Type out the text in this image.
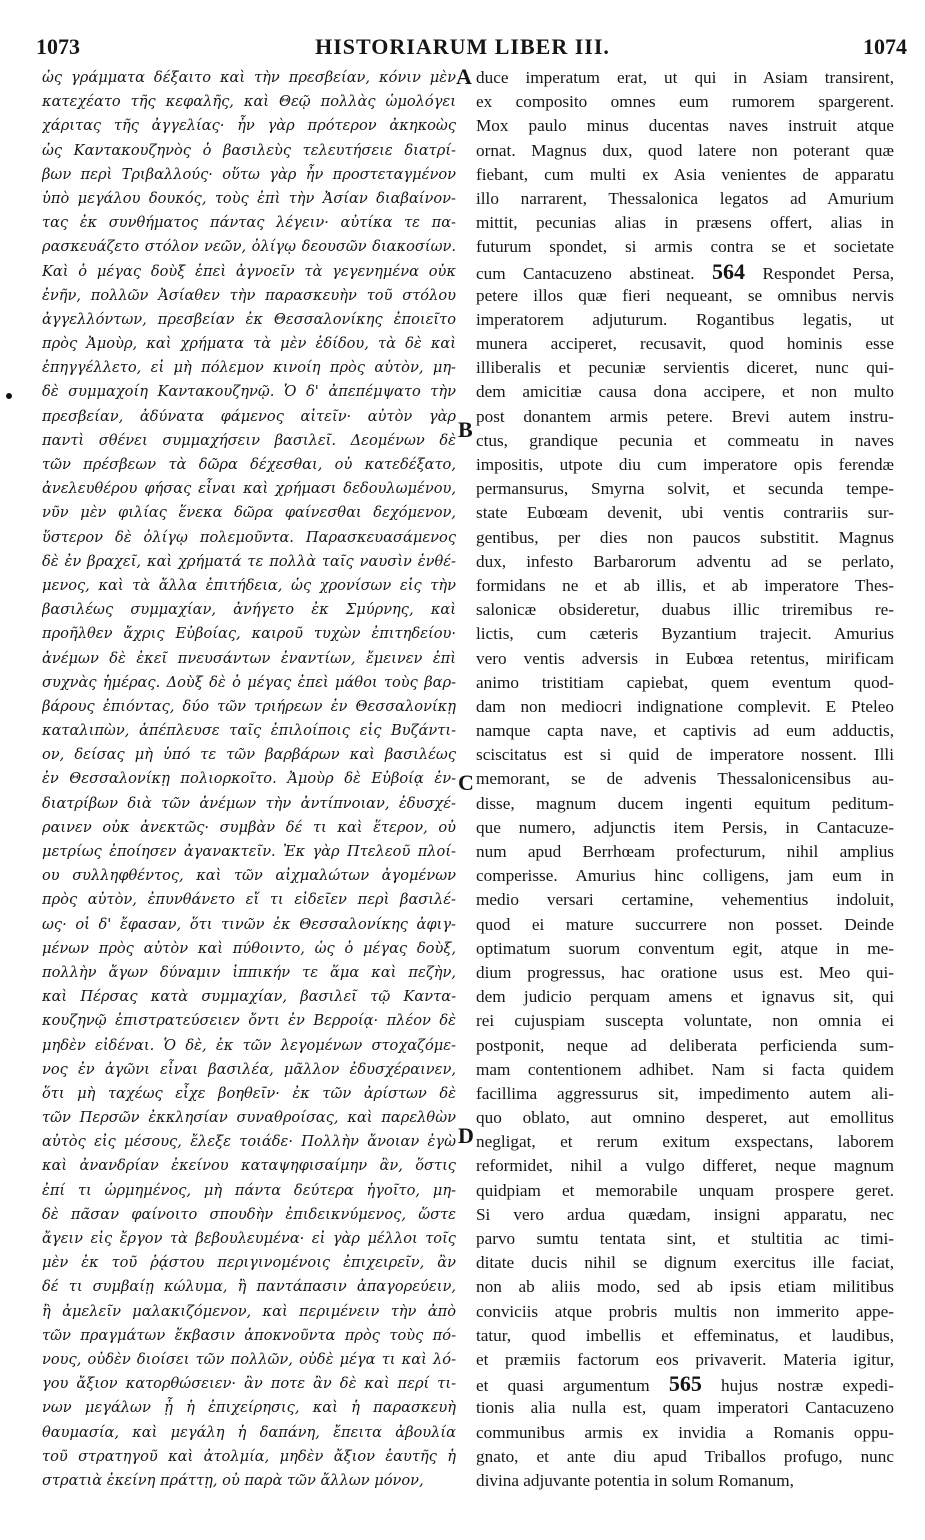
1073	HISTORIARUM LIBER III.	1074
A
B
C
D
ὡς γράμματα δέξαιτο καὶ τὴν πρεσβείαν, κόνιν μὲν
κατεχέατο τῆς κεφαλῆς, καὶ Θεῷ πολλὰς ὡμολόγει
χάριτας τῆς ἀγγελίας· ἦν γὰρ πρότερον ἀκηκοὼς
ὡς Καντακουζηνὸς ὁ βασιλεὺς τελευτήσειε διατρί-
βων περὶ Τριβαλλούς· οὕτω γὰρ ἦν προστεταγμένον
ὑπὸ μεγάλου δουκός, τοὺς ἐπὶ τὴν Ἀσίαν διαβαίνον-
τας ἐκ συνθήματος πάντας λέγειν· αὐτίκα τε πα-
ρασκευάζετο στόλον νεῶν, ὀλίγῳ δεουσῶν διακοσίων.
Καὶ ὁ μέγας δοὺξ ἐπεὶ ἀγνοεῖν τὰ γεγενημένα οὐκ
ἐνῆν, πολλῶν Ἀσίαθεν τὴν παρασκευὴν τοῦ στόλου
ἀγγελλόντων, πρεσβείαν ἐκ Θεσσαλονίκης ἐποιεῖτο
πρὸς Ἀμοὺρ, καὶ χρήματα τὰ μὲν ἐδίδου, τὰ δὲ καὶ
ἐπηγγέλλετο, εἰ μὴ πόλεμον κινοίη πρὸς αὐτὸν, μη-
δὲ συμμαχοίη Καντακουζηνῷ. Ὁ δ' ἀπεπέμψατο τὴν
πρεσβείαν, ἀδύνατα φάμενος αἰτεῖν· αὐτὸν γὰρ
παντὶ σθένει συμμαχήσειν βασιλεῖ. Δεομένων δὲ
τῶν πρέσβεων τὰ δῶρα δέχεσθαι, οὐ κατεδέξατο,
ἀνελευθέρου φήσας εἶναι καὶ χρήμασι δεδουλωμένου,
νῦν μὲν φιλίας ἕνεκα δῶρα φαίνεσθαι δεχόμενον,
ὕστερον δὲ ὀλίγῳ πολεμοῦντα. Παρασκευασάμενος
δὲ ἐν βραχεῖ, καὶ χρήματά τε πολλὰ ταῖς ναυσὶν ἐνθέ-
μενος, καὶ τὰ ἄλλα ἐπιτήδεια, ὡς χρονίσων εἰς τὴν
βασιλέως συμμαχίαν, ἀνήγετο ἐκ Σμύρνης, καὶ
προῆλθεν ἄχρις Εὐβοίας, καιροῦ τυχὼν ἐπιτηδείου·
ἀνέμων δὲ ἐκεῖ πνευσάντων ἐναντίων, ἔμεινεν ἐπὶ
συχνὰς ἡμέρας. Δοὺξ δὲ ὁ μέγας ἐπεὶ μάθοι τοὺς βαρ-
βάρους ἐπιόντας, δύο τῶν τριήρεων ἐν Θεσσαλονίκῃ
καταλιπὼν, ἀπέπλευσε ταῖς ἐπιλοίποις εἰς Βυζάντι-
ον, δείσας μὴ ὑπό τε τῶν βαρβάρων καὶ βασιλέως
ἐν Θεσσαλονίκῃ πολιορκοῖτο. Ἀμοὺρ δὲ Εὐβοίᾳ ἐν-
διατρίβων διὰ τῶν ἀνέμων τὴν ἀντίπνοιαν, ἐδυσχέ-
ραινεν οὐκ ἀνεκτῶς· συμβὰν δέ τι καὶ ἕτερον, οὐ
μετρίως ἐποίησεν ἀγανακτεῖν. Ἐκ γὰρ Πτελεοῦ πλοί-
ου συλληφθέντος, καὶ τῶν αἰχμαλώτων ἀγομένων
πρὸς αὐτὸν, ἐπυνθάνετο εἴ τι εἰδεῖεν περὶ βασιλέ-
ως· οἱ δ' ἔφασαν, ὅτι τινῶν ἐκ Θεσσαλονίκης ἀφιγ-
μένων πρὸς αὐτὸν καὶ πύθοιντο, ὡς ὁ μέγας δοὺξ,
πολλὴν ἄγων δύναμιν ἱππικήν τε ἅμα καὶ πεζὴν,
καὶ Πέρσας κατὰ συμμαχίαν, βασιλεῖ τῷ Καντα-
κουζηνῷ ἐπιστρατεύσειεν ὄντι ἐν Βερροίᾳ· πλέον δὲ
μηδὲν εἰδέναι. Ὁ δὲ, ἐκ τῶν λεγομένων στοχαζόμε-
νος ἐν ἀγῶνι εἶναι βασιλέα, μᾶλλον ἐδυσχέραινεν,
ὅτι μὴ ταχέως εἶχε βοηθεῖν· ἐκ τῶν ἀρίστων δὲ
τῶν Περσῶν ἐκκλησίαν συναθροίσας, καὶ παρελθὼν
αὐτὸς εἰς μέσους, ἔλεξε τοιάδε· Πολλὴν ἄνοιαν ἐγὼ
καὶ ἀνανδρίαν ἐκείνου καταψηφισαίμην ἂν, ὅστις
ἐπί τι ὡρμημένος, μὴ πάντα δεύτερα ἡγοῖτο, μη-
δὲ πᾶσαν φαίνοιτο σπουδὴν ἐπιδεικνύμενος, ὥστε
ἄγειν εἰς ἔργον τὰ βεβουλευμένα· εἰ γὰρ μέλλοι τοῖς
μὲν ἐκ τοῦ ῥᾴστου περιγινομένοις ἐπιχειρεῖν, ἂν
δέ τι συμβαίῃ κώλυμα, ἢ παντάπασιν ἀπαγορεύειν,
ἢ ἀμελεῖν μαλακιζόμενον, καὶ περιμένειν τὴν ἀπὸ
τῶν πραγμάτων ἔκβασιν ἀποκνοῦντα πρὸς τοὺς πό-
νους, οὐδὲν διοίσει τῶν πολλῶν, οὐδὲ μέγα τι καὶ λό-
γου ἄξιον κατορθώσειεν· ἂν ποτε ἂν δὲ καὶ περί τι-
νων μεγάλων ᾖ ἡ ἐπιχείρησις, καὶ ἡ παρασκευὴ
θαυμασία, καὶ μεγάλη ἡ δαπάνη, ἔπειτα ἀβουλία
τοῦ στρατηγοῦ καὶ ἀτολμία, μηδὲν ἄξιον ἑαυτῆς ἡ
στρατιὰ ἐκείνη πράττῃ, οὐ παρὰ τῶν ἄλλων μόνον,
duce imperatum erat, ut qui in Asiam transirent,
ex composito omnes eum rumorem spargerent.
Mox paulo minus ducentas naves instruit atque
ornat. Magnus dux, quod latere non poterant quæ
fiebant, cum multi ex Asia venientes de apparatu
illo narrarent, Thessalonica legatos ad Amurium
mittit, pecunias alias in præsens offert, alias in
futurum spondet, si armis contra se et societate
cum Cantacuzeno abstineat. 564 Respondet Persa,
petere illos quæ fieri nequeant, se omnibus nervis
imperatorem adjuturum. Rogantibus legatis, ut
munera acciperet, recusavit, quod hominis esse
illiberalis et pecuniæ servientis diceret, nunc qui-
dem amicitiæ causa dona accipere, et non multo
post donantem armis petere. Brevi autem instru-
ctus, grandique pecunia et commeatu in naves
impositis, utpote diu cum imperatore opis ferendæ
permansurus, Smyrna solvit, et secunda tempe-
state Eubœam devenit, ubi ventis contrariis sur-
gentibus, per dies non paucos substitit. Magnus
dux, infesto Barbarorum adventu ad se perlato,
formidans ne et ab illis, et ab imperatore Thes-
salonicæ obsideretur, duabus illic triremibus re-
lictis, cum cæteris Byzantium trajecit. Amurius
vero ventis adversis in Eubœa retentus, mirificam
animo tristitiam capiebat, quem eventum quod-
dam non mediocri indignatione complevit. E Pteleo
namque capta nave, et captivis ad eum adductis,
sciscitatus est si quid de imperatore nossent. Illi
memorant, se de advenis Thessalonicensibus au-
disse, magnum ducem ingenti equitum peditum-
que numero, adjunctis item Persis, in Cantacuze-
num apud Berrhœam profecturum, nihil amplius
comperisse. Amurius hinc colligens, jam eum in
medio versari certamine, vehementius indoluit,
quod ei mature succurrere non posset. Deinde
optimatum suorum conventum egit, atque in me-
dium progressus, hac oratione usus est. Meo qui-
dem judicio perquam amens et ignavus sit, qui
rei cujuspiam suscepta voluntate, non omnia ei
postponit, neque ad deliberata perficienda sum-
mam contentionem adhibet. Nam si facta quidem
facillima aggressurus sit, impedimento autem ali-
quo oblato, aut omnino desperet, aut emollitus
negligat, et rerum exitum exspectans, laborem
reformidet, nihil a vulgo differet, neque magnum
quidpiam et memorabile unquam prospere geret.
Si vero ardua quædam, insigni apparatu, nec
parvo sumtu tentata sint, et stultitia ac timi-
ditate ducis nihil se dignum exercitus ille faciat,
non ab aliis modo, sed ab ipsis etiam militibus
conviciis atque probris multis non immerito appe-
tatur, quod imbellis et effeminatus, et laudibus,
et præmiis factorum eos privaverit. Materia igitur,
et quasi argumentum 565 hujus nostræ expedi-
tionis alia nulla est, quam imperatori Cantacuzeno
communibus armis ex invidia a Romanis oppu-
gnato, et ante diu apud Triballos profugo, nunc
divina adjuvante potentia in solum Romanum,
